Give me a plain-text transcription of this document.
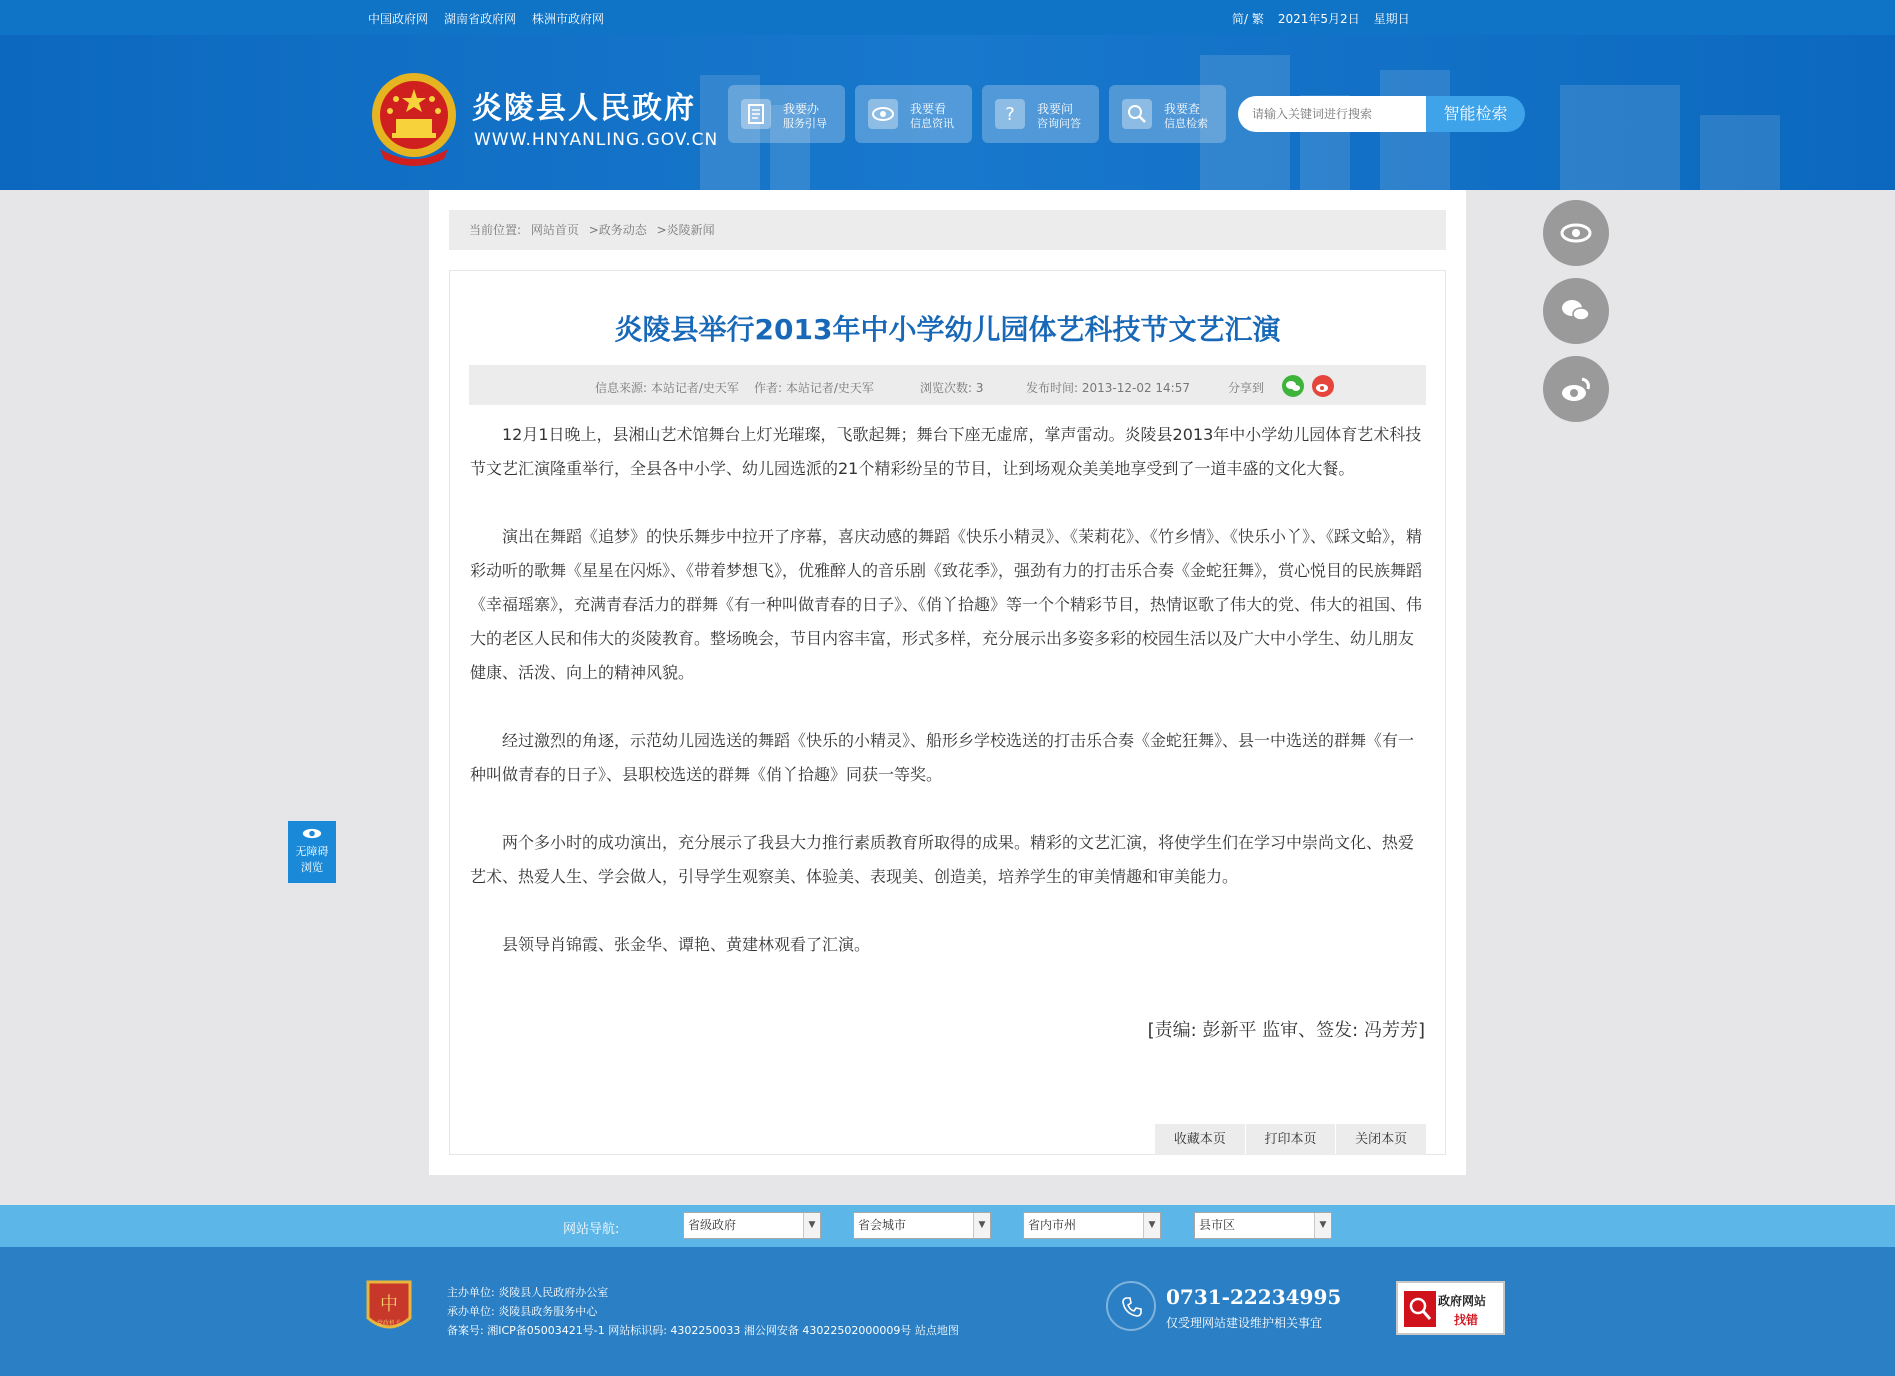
中国政府网 湖南省政府网 株洲市政府网	简/ 繁 2021年5月2日 星期日
炎陵县人民政府
WWW.HNYANLING.GOV.CN
我要办
服务引导
我要看
信息资讯	? 我要问
咨询问答
我要查
信息检索
请输入关键词进行搜索
智能检索
当前位置: 网站首页 >政务动态 >炎陵新闻
炎陵县举行2013年中小学幼儿园体艺科技节文艺汇演
信息来源: 本站记者/史天军 作者: 本站记者/史天军	浏览次数: 3	发布时间: 2013-12-02 14:57	分享到

12月1日晚上，县湘山艺术馆舞台上灯光璀璨，飞歌起舞；舞台下座无虚席，掌声雷动。炎陵县2013年中小学幼儿园体育艺术科技节文艺汇演隆重举行，全县各中小学、幼儿园选派的21个精彩纷呈的节目，让到场观众美美地享受到了一道丰盛的文化大餐。

演出在舞蹈《追梦》的快乐舞步中拉开了序幕，喜庆动感的舞蹈《快乐小精灵》、《茉莉花》、《竹乡情》、《快乐小丫》、《踩文蛤》，精彩动听的歌舞《星星在闪烁》、《带着梦想飞》，优雅醉人的音乐剧《致花季》，强劲有力的打击乐合奏《金蛇狂舞》，赏心悦目的民族舞蹈《幸福瑶寨》，充满青春活力的群舞《有一种叫做青春的日子》、《俏丫拾趣》等一个个精彩节目，热情讴歌了伟大的党、伟大的祖国、伟大的老区人民和伟大的炎陵教育。整场晚会，节目内容丰富，形式多样，充分展示出多姿多彩的校园生活以及广大中小学生、幼儿朋友健康、活泼、向上的精神风貌。

经过激烈的角逐，示范幼儿园选送的舞蹈《快乐的小精灵》、船形乡学校选送的打击乐合奏《金蛇狂舞》、县一中选送的群舞《有一种叫做青春的日子》、县职校选送的群舞《俏丫拾趣》同获一等奖。

两个多小时的成功演出，充分展示了我县大力推行素质教育所取得的成果。精彩的文艺汇演，将使学生们在学习中崇尚文化、热爱艺术、热爱人生、学会做人，引导学生观察美、体验美、表现美、创造美，培养学生的审美情趣和审美能力。

县领导肖锦霞、张金华、谭艳、黄建林观看了汇演。

[责编: 彭新平 监审、签发: 冯芳芳]
收藏本页	打印本页	关闭本页
无障碍
浏览
网站导航:	省级政府	▼	省会城市	▼	省内市州	▼	县市区	▼
中
党政机关
主办单位: 炎陵县人民政府办公室
承办单位: 炎陵县政务服务中心
备案号: 湘ICP备05003421号-1 网站标识码: 4302250033 湘公网安备 43022502000009号 站点地图
0731-22234995
仅受理网站建设维护相关事宜
政府网站
找错
